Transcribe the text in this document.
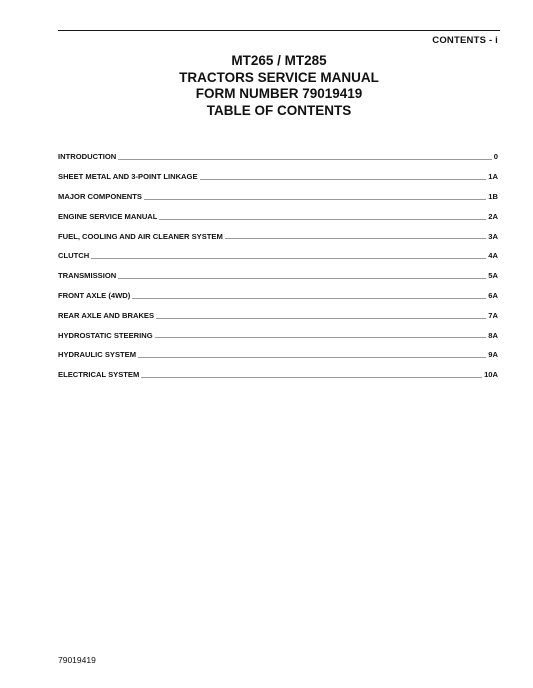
CONTENTS - i
MT265 / MT285
TRACTORS SERVICE MANUAL
FORM NUMBER 79019419
TABLE OF CONTENTS
INTRODUCTION	0
SHEET METAL AND 3-POINT LINKAGE	1A
MAJOR COMPONENTS	1B
ENGINE SERVICE MANUAL	2A
FUEL, COOLING AND AIR CLEANER SYSTEM	3A
CLUTCH	4A
TRANSMISSION	5A
FRONT AXLE (4WD)	6A
REAR AXLE AND BRAKES	7A
HYDROSTATIC STEERING	8A
HYDRAULIC SYSTEM	9A
ELECTRICAL SYSTEM	10A
79019419
